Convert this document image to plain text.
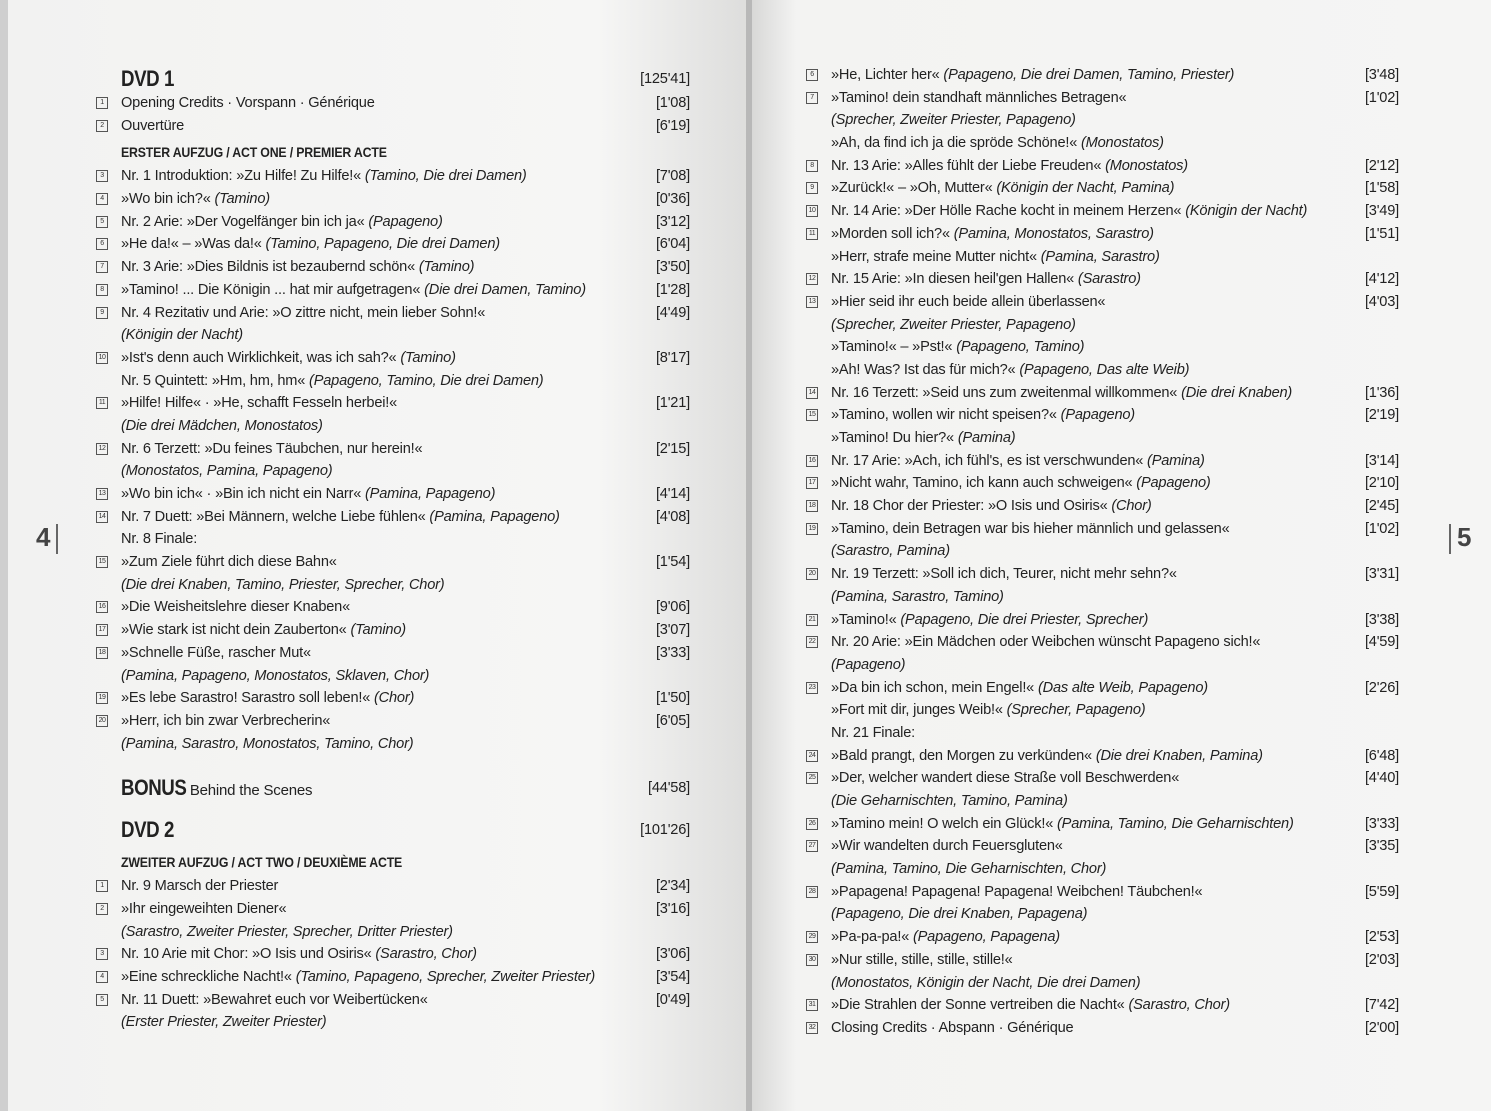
4	5
DVD 1	[125'41]
1 Opening Credits · Vorspann · Générique	[1'08]
2 Ouvertüre	[6'19]
ERSTER AUFZUG / ACT ONE / PREMIER ACTE
3 Nr. 1 Introduktion: »Zu Hilfe! Zu Hilfe!« (Tamino, Die drei Damen)	[7'08]
4 »Wo bin ich?« (Tamino)	[0'36]
5 Nr. 2 Arie: »Der Vogelfänger bin ich ja« (Papageno)	[3'12]
6 »He da!« – »Was da!« (Tamino, Papageno, Die drei Damen)	[6'04]
7 Nr. 3 Arie: »Dies Bildnis ist bezaubernd schön« (Tamino)	[3'50]
8 »Tamino! ... Die Königin ... hat mir aufgetragen« (Die drei Damen, Tamino)	[1'28]
9 Nr. 4 Rezitativ und Arie: »O zittre nicht, mein lieber Sohn!«	[4'49]
(Königin der Nacht)
10 »Ist's denn auch Wirklichkeit, was ich sah?« (Tamino)	[8'17]
Nr. 5 Quintett: »Hm, hm, hm« (Papageno, Tamino, Die drei Damen)
11 »Hilfe! Hilfe« · »He, schafft Fesseln herbei!«	[1'21]
(Die drei Mädchen, Monostatos)
12 Nr. 6 Terzett: »Du feines Täubchen, nur herein!«	[2'15]
(Monostatos, Pamina, Papageno)
13 »Wo bin ich« · »Bin ich nicht ein Narr« (Pamina, Papageno)	[4'14]
14 Nr. 7 Duett: »Bei Männern, welche Liebe fühlen« (Pamina, Papageno)	[4'08]
Nr. 8 Finale:
15 »Zum Ziele führt dich diese Bahn«	[1'54]
(Die drei Knaben, Tamino, Priester, Sprecher, Chor)
16 »Die Weisheitslehre dieser Knaben«	[9'06]
17 »Wie stark ist nicht dein Zauberton« (Tamino)	[3'07]
18 »Schnelle Füße, rascher Mut«	[3'33]
(Pamina, Papageno, Monostatos, Sklaven, Chor)
19 »Es lebe Sarastro! Sarastro soll leben!« (Chor)	[1'50]
20 »Herr, ich bin zwar Verbrecherin«	[6'05]
(Pamina, Sarastro, Monostatos, Tamino, Chor)
BONUS Behind the Scenes	[44'58]
DVD 2	[101'26]
ZWEITER AUFZUG / ACT TWO / DEUXIÈME ACTE
1 Nr. 9 Marsch der Priester	[2'34]
2 »Ihr eingeweihten Diener«	[3'16]
(Sarastro, Zweiter Priester, Sprecher, Dritter Priester)
3 Nr. 10 Arie mit Chor: »O Isis und Osiris« (Sarastro, Chor)	[3'06]
4 »Eine schreckliche Nacht!« (Tamino, Papageno, Sprecher, Zweiter Priester)	[3'54]
5 Nr. 11 Duett: »Bewahret euch vor Weibertücken«	[0'49]
(Erster Priester, Zweiter Priester)
6 »He, Lichter her« (Papageno, Die drei Damen, Tamino, Priester)	[3'48]
7 »Tamino! dein standhaft männliches Betragen«	[1'02]
(Sprecher, Zweiter Priester, Papageno)
»Ah, da find ich ja die spröde Schöne!« (Monostatos)
8 Nr. 13 Arie: »Alles fühlt der Liebe Freuden« (Monostatos)	[2'12]
9 »Zurück!« – »Oh, Mutter« (Königin der Nacht, Pamina)	[1'58]
10 Nr. 14 Arie: »Der Hölle Rache kocht in meinem Herzen« (Königin der Nacht)	[3'49]
11 »Morden soll ich?« (Pamina, Monostatos, Sarastro)	[1'51]
»Herr, strafe meine Mutter nicht« (Pamina, Sarastro)
12 Nr. 15 Arie: »In diesen heil'gen Hallen« (Sarastro)	[4'12]
13 »Hier seid ihr euch beide allein überlassen«	[4'03]
(Sprecher, Zweiter Priester, Papageno)
»Tamino!« – »Pst!« (Papageno, Tamino)
»Ah! Was? Ist das für mich?« (Papageno, Das alte Weib)
14 Nr. 16 Terzett: »Seid uns zum zweitenmal willkommen« (Die drei Knaben)	[1'36]
15 »Tamino, wollen wir nicht speisen?« (Papageno)	[2'19]
»Tamino! Du hier?« (Pamina)
16 Nr. 17 Arie: »Ach, ich fühl's, es ist verschwunden« (Pamina)	[3'14]
17 »Nicht wahr, Tamino, ich kann auch schweigen« (Papageno)	[2'10]
18 Nr. 18 Chor der Priester: »O Isis und Osiris« (Chor)	[2'45]
19 »Tamino, dein Betragen war bis hieher männlich und gelassen«	[1'02]
(Sarastro, Pamina)
20 Nr. 19 Terzett: »Soll ich dich, Teurer, nicht mehr sehn?«	[3'31]
(Pamina, Sarastro, Tamino)
21 »Tamino!« (Papageno, Die drei Priester, Sprecher)	[3'38]
22 Nr. 20 Arie: »Ein Mädchen oder Weibchen wünscht Papageno sich!«	[4'59]
(Papageno)
23 »Da bin ich schon, mein Engel!« (Das alte Weib, Papageno)	[2'26]
»Fort mit dir, junges Weib!« (Sprecher, Papageno)
Nr. 21 Finale:
24 »Bald prangt, den Morgen zu verkünden« (Die drei Knaben, Pamina)	[6'48]
25 »Der, welcher wandert diese Straße voll Beschwerden«	[4'40]
(Die Geharnischten, Tamino, Pamina)
26 »Tamino mein! O welch ein Glück!« (Pamina, Tamino, Die Geharnischten)	[3'33]
27 »Wir wandelten durch Feuersgluten«	[3'35]
(Pamina, Tamino, Die Geharnischten, Chor)
28 »Papagena! Papagena! Papagena! Weibchen! Täubchen!«	[5'59]
(Papageno, Die drei Knaben, Papagena)
29 »Pa-pa-pa!« (Papageno, Papagena)	[2'53]
30 »Nur stille, stille, stille, stille!«	[2'03]
(Monostatos, Königin der Nacht, Die drei Damen)
31 »Die Strahlen der Sonne vertreiben die Nacht« (Sarastro, Chor)	[7'42]
32 Closing Credits · Abspann · Générique	[2'00]
